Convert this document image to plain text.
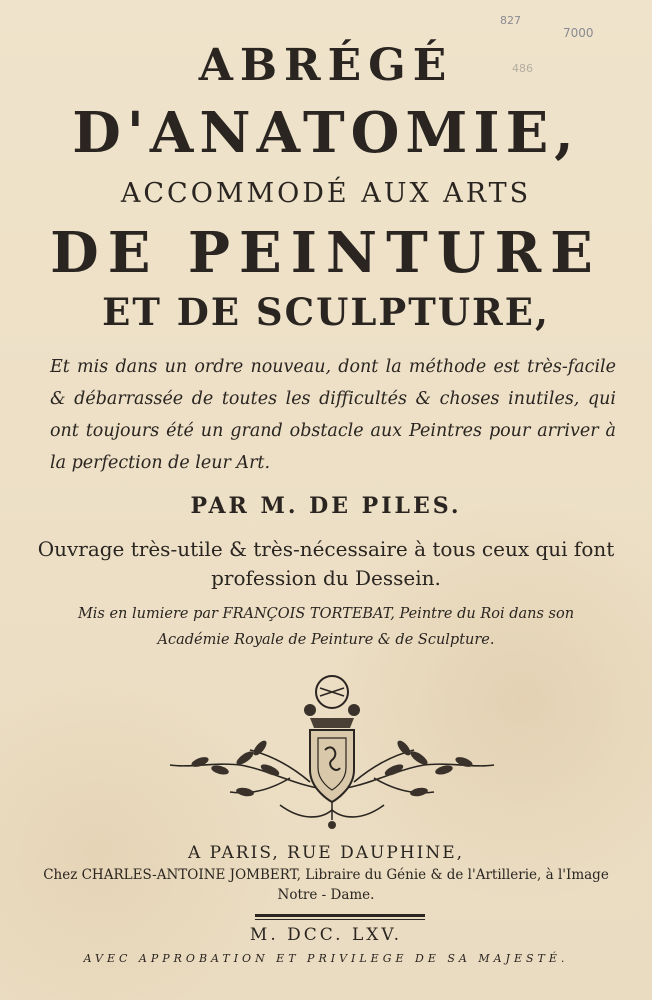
827
7000
486
ABRÉGÉ
D'ANATOMIE,
ACCOMMODÉ AUX ARTS
DE PEINTURE
ET DE SCULPTURE,
Et mis dans un ordre nouveau, dont la méthode est très-facile & débarrassée de toutes les difficultés & choses inutiles, qui ont toujours été un grand obstacle aux Peintres pour arriver à la perfection de leur Art.
PAR M. DE PILES.
Ouvrage très-utile & très-nécessaire à tous ceux qui font
profession du Dessein.
Mis en lumiere par FRANÇOIS TORTEBAT, Peintre du Roi dans son
Académie Royale de Peinture & de Sculpture.
A PARIS, RUE DAUPHINE,
Chez CHARLES-ANTOINE JOMBERT, Libraire du Génie & de l'Artillerie, à l'Image
Notre - Dame.
M. DCC. LXV.
AVEC APPROBATION ET PRIVILEGE DE SA MAJESTÉ.
